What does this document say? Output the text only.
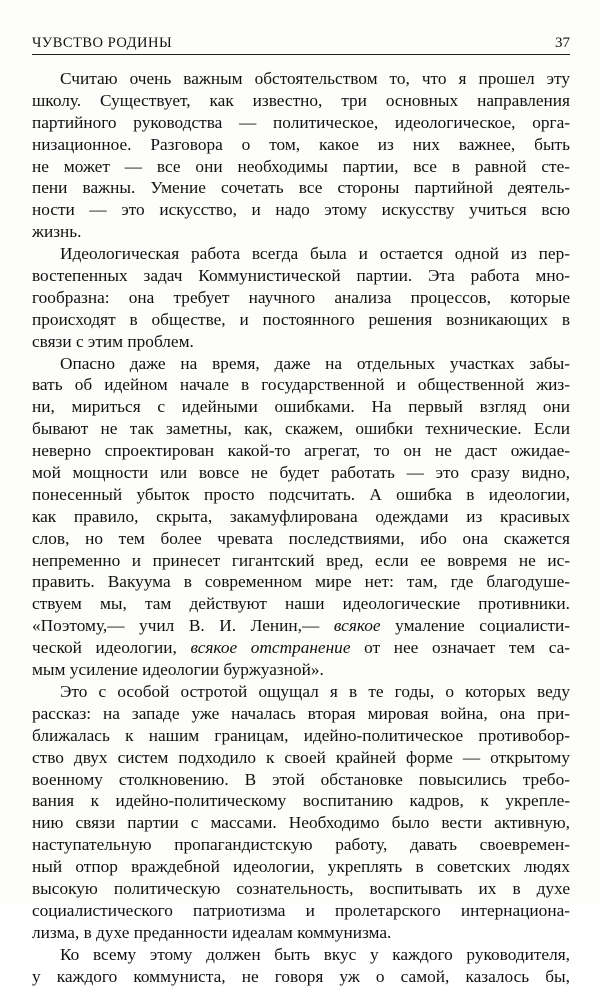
ЧУВСТВО РОДИНЫ	37
Считаю очень важным обстоятельством то, что я прошел эту
школу. Существует, как известно, три основных направления
партийного руководства — политическое, идеологическое, орга-
низационное. Разговора о том, какое из них важнее, быть
не может — все они необходимы партии, все в равной сте-
пени важны. Умение сочетать все стороны партийной деятель-
ности — это искусство, и надо этому искусству учиться всю
жизнь.
Идеологическая работа всегда была и остается одной из пер-
востепенных задач Коммунистической партии. Эта работа мно-
гообразна: она требует научного анализа процессов, которые
происходят в обществе, и постоянного решения возникающих в
связи с этим проблем.
Опасно даже на время, даже на отдельных участках забы-
вать об идейном начале в государственной и общественной жиз-
ни, мириться с идейными ошибками. На первый взгляд они
бывают не так заметны, как, скажем, ошибки технические. Если
неверно спроектирован какой-то агрегат, то он не даст ожидае-
мой мощности или вовсе не будет работать — это сразу видно,
понесенный убыток просто подсчитать. А ошибка в идеологии,
как правило, скрыта, закамуфлирована одеждами из красивых
слов, но тем более чревата последствиями, ибо она скажется
непременно и принесет гигантский вред, если ее вовремя не ис-
править. Вакуума в современном мире нет: там, где благодуше-
ствуем мы, там действуют наши идеологические противники.
«Поэтому,— учил В. И. Ленин,— всякое умаление социалисти-
ческой идеологии, всякое отстранение от нее означает тем са-
мым усиление идеологии буржуазной».
Это с особой остротой ощущал я в те годы, о которых веду
рассказ: на западе уже началась вторая мировая война, она при-
ближалась к нашим границам, идейно-политическое противобор-
ство двух систем подходило к своей крайней форме — открытому
военному столкновению. В этой обстановке повысились требо-
вания к идейно-политическому воспитанию кадров, к укрепле-
нию связи партии с массами. Необходимо было вести активную,
наступательную пропагандистскую работу, давать своевремен-
ный отпор враждебной идеологии, укреплять в советских людях
высокую политическую сознательность, воспитывать их в духе
социалистического патриотизма и пролетарского интернациона-
лизма, в духе преданности идеалам коммунизма.
Ко всему этому должен быть вкус у каждого руководителя,
у каждого коммуниста, не говоря уж о самой, казалось бы,
